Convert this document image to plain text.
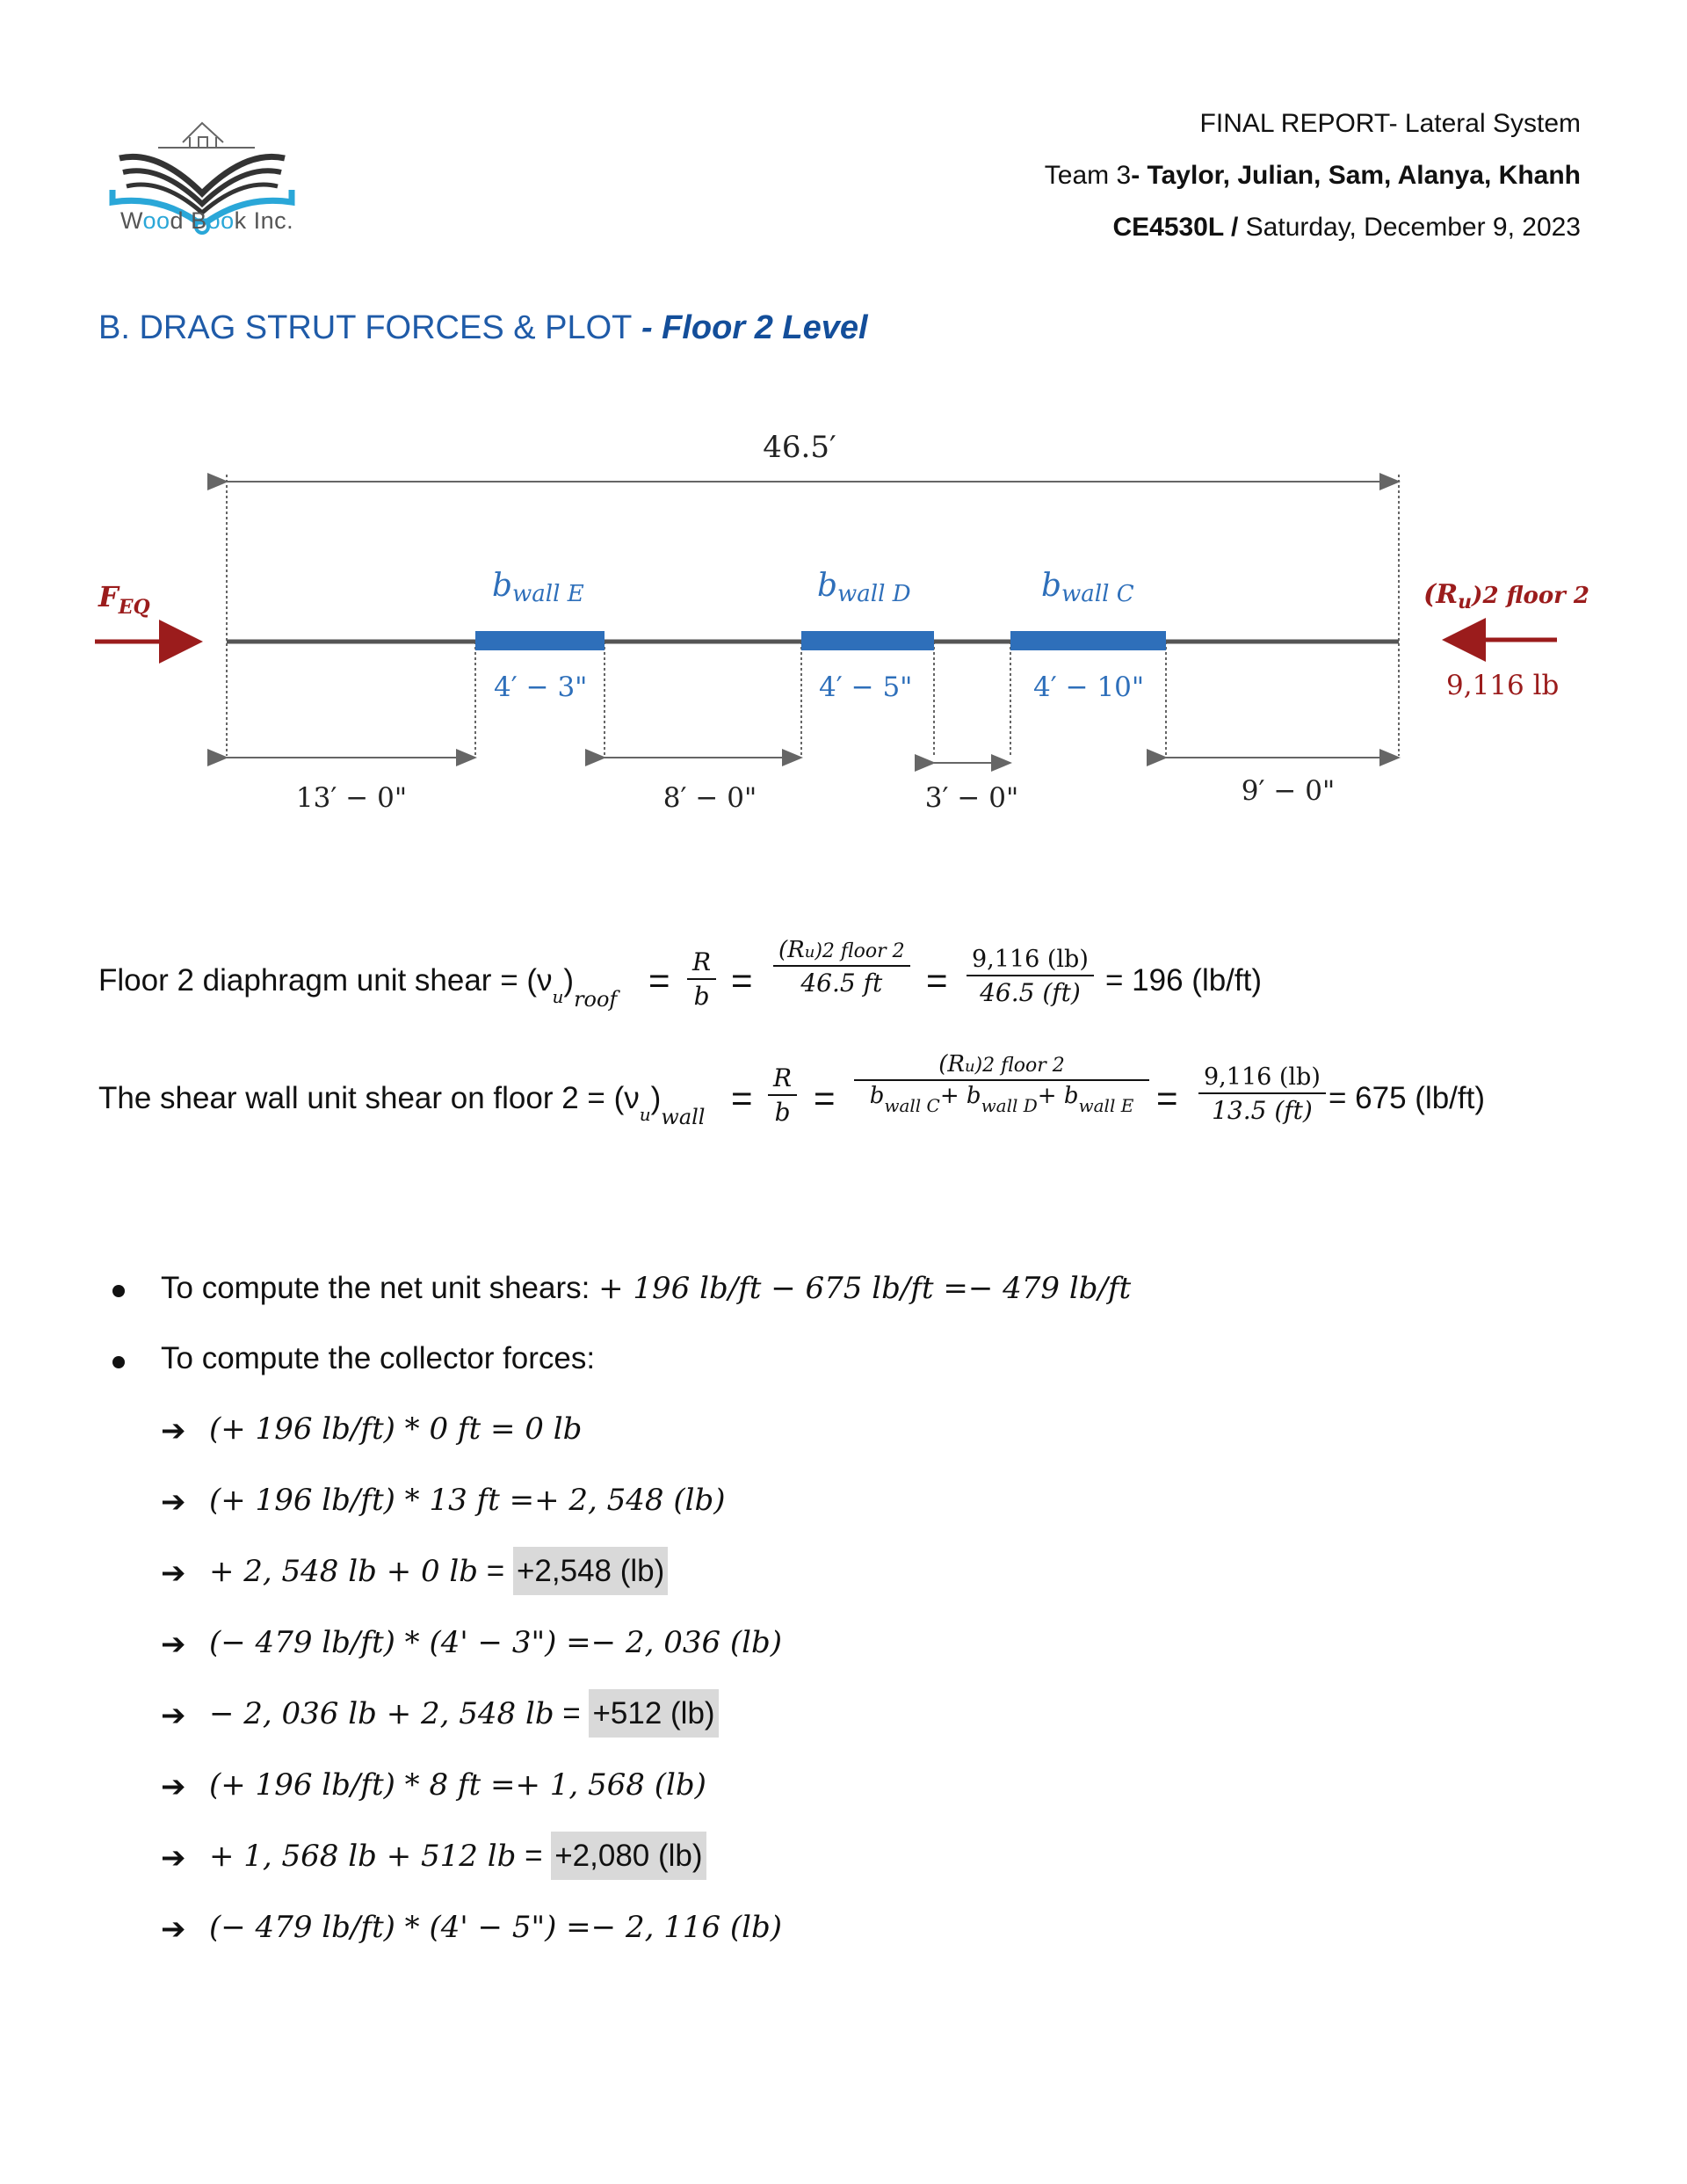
Wood Book Inc.
FINAL REPORT- Lateral System
Team 3- Taylor, Julian, Sam, Alanya, Khanh
CE4530L / Saturday, December 9, 2023
B. DRAG STRUT FORCES & PLOT - Floor 2 Level
46.5′
bwall E	bwall D	bwall C
4′ − 3"	4′ − 5"	4′ − 10"
13′ − 0"	8′ − 0"	3′ − 0"	9′ − 0"
$F_{EQ}$	$(R_u)2$ floor 2
9,116 lb
Floor 2 diaphragm unit shear = $(\nu_u)_{roof} = \frac{R}{b}$ =
(Ru)2 floor 2
46.5 ft	= $\frac{9,116 (lb)}{46.5 (ft)} = 196$ (lb/ft)
The shear wall unit shear on floor $2 = (\nu_u)_{wall} = \frac{R}{b}$ =
(Ru)2 floor 2
$b_{wall C}+ b_{wall D}+ b_{wall E} = \frac{9,116 (lb)}{13.5 (ft)} = 675$ (lb/ft)
To compute the net unit shears: + 196 lb/ft − 675 lb/ft =− 479 lb/ft
To compute the collector forces:
➔ (+ 196 lb/ft) * 0 ft = 0 lb
➔ (+ 196 lb/ft) * 13 ft =+ 2, 548 (lb)
➔ + 2, 548 lb + 0 lb = +2,548 (lb)
➔ (− 479 lb/ft) * (4' − 3") =− 2, 036 (lb)
➔ − 2, 036 lb + 2, 548 lb = +512 (lb)
➔ (+ 196 lb/ft) * 8 ft =+ 1, 568 (lb)
➔ + 1, 568 lb + 512 lb = +2,080 (lb)
➔ (− 479 lb/ft) * (4' − 5") =− 2, 116 (lb)
